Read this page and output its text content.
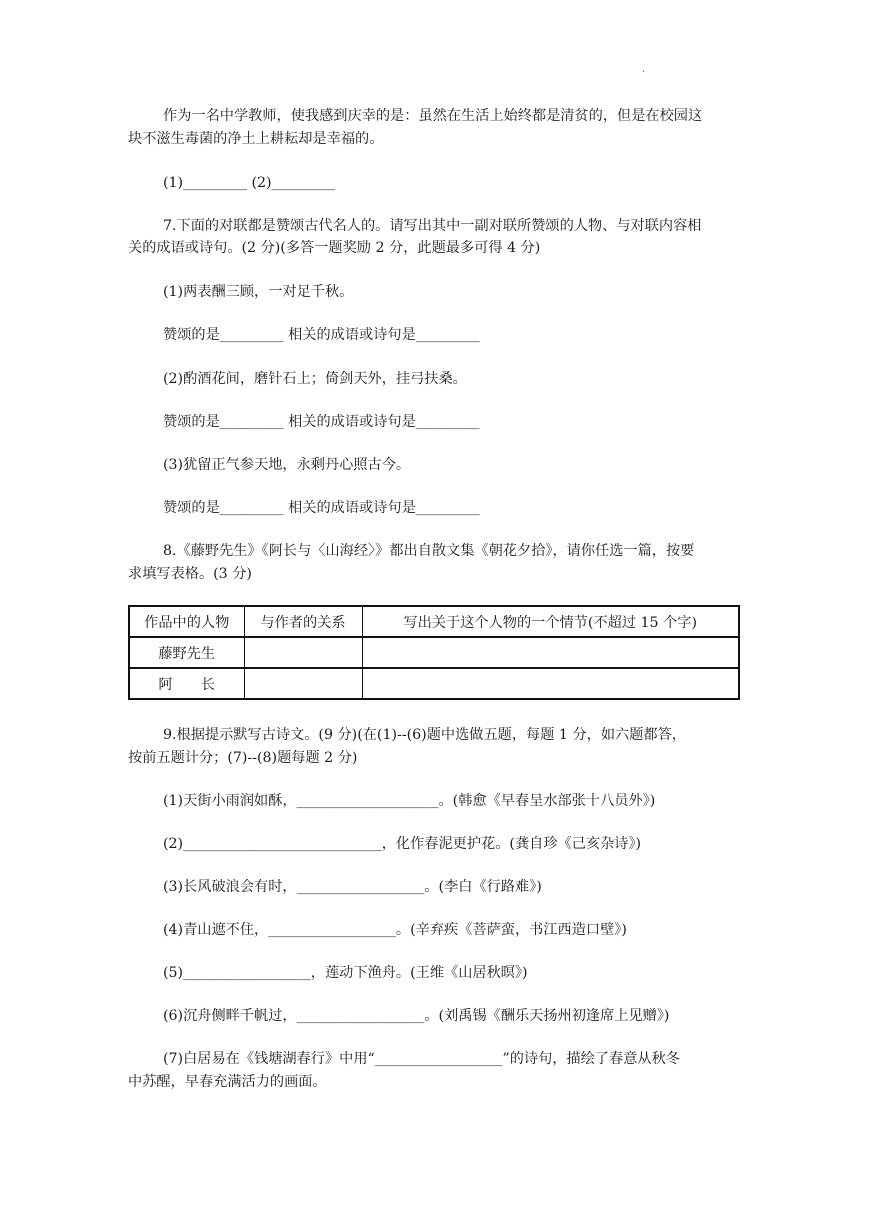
.
作为一名中学教师，使我感到庆幸的是：虽然在生活上始终都是清贫的，但是在校园这
块不滋生毒菌的净土上耕耘却是幸福的。
(1)_________ (2)_________
7.下面的对联都是赞颂古代名人的。请写出其中一副对联所赞颂的人物、与对联内容相
关的成语或诗句。(2 分)(多答一题奖励 2 分，此题最多可得 4 分)
(1)两表酬三顾，一对足千秋。
赞颂的是_________ 相关的成语或诗句是_________
(2)酌酒花间，磨针石上；倚剑天外，挂弓扶桑。
赞颂的是_________ 相关的成语或诗句是_________
(3)犹留正气参天地，永剩丹心照古今。
赞颂的是_________ 相关的成语或诗句是_________
8.《藤野先生》《阿长与〈山海经〉》都出自散文集《朝花夕拾》，请你任选一篇，按要
求填写表格。(3 分)
作品中的人物	与作者的关系	写出关于这个人物的一个情节(不超过 15 个字)
藤野先生		
阿　　长		
9.根据提示默写古诗文。(9 分)(在(1)--(6)题中选做五题，每题 1 分，如六题都答，
按前五题计分；(7)--(8)题每题 2 分)
(1)天街小雨润如酥，____________________。(韩愈《早春呈水部张十八员外》)
(2)____________________________，化作春泥更护花。(龚自珍《己亥杂诗》)
(3)长风破浪会有时，__________________。(李白《行路难》)
(4)青山遮不住，__________________。(辛弃疾《菩萨蛮，书江西造口壁》)
(5)__________________，莲动下渔舟。(王维《山居秋暝》)
(6)沉舟侧畔千帆过，__________________。(刘禹锡《酬乐天扬州初逢席上见赠》)
(7)白居易在《钱塘湖春行》中用“__________________”的诗句，描绘了春意从秋冬
中苏醒，早春充满活力的画面。
